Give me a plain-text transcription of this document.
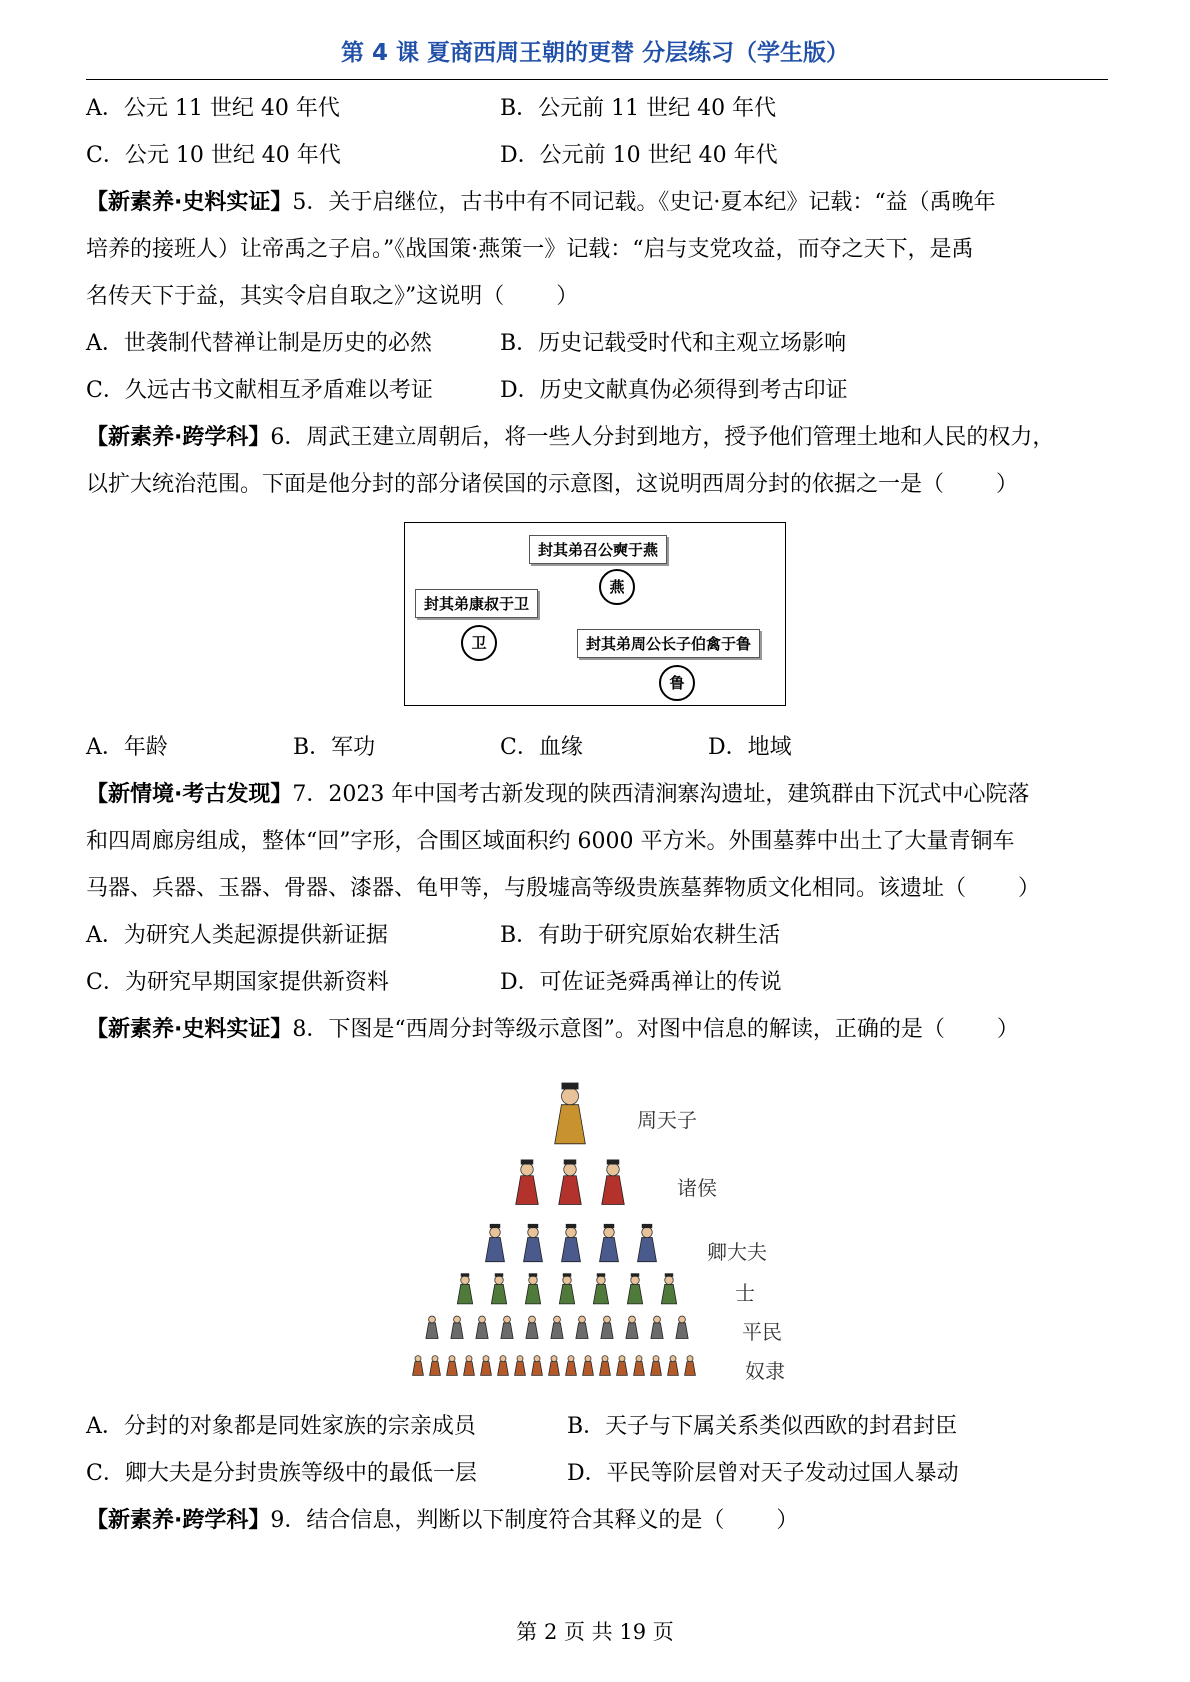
第 4 课 夏商西周王朝的更替 分层练习（学生版）
A．公元 11 世纪 40 年代	B．公元前 11 世纪 40 年代
C．公元 10 世纪 40 年代	D．公元前 10 世纪 40 年代
【新素养·史料实证】5．关于启继位，古书中有不同记载。《史记·夏本纪》记载：“益（禹晚年
培养的接班人）让帝禹之子启。”《战国策·燕策一》记载：“启与支党攻益，而夺之天下，是禹
名传天下于益，其实令启自取之》”这说明（ ）
A．世袭制代替禅让制是历史的必然	B．历史记载受时代和主观立场影响
C．久远古书文献相互矛盾难以考证	D．历史文献真伪必须得到考古印证
【新素养·跨学科】6．周武王建立周朝后，将一些人分封到地方，授予他们管理土地和人民的权力，
以扩大统治范围。下面是他分封的部分诸侯国的示意图，这说明西周分封的依据之一是（ ）
封其弟召公奭于燕
燕
封其弟康叔于卫
卫	封其弟周公长子伯禽于鲁
鲁
A．年龄	B．军功	C．血缘	D．地域
【新情境·考古发现】7．2023 年中国考古新发现的陕西清涧寨沟遗址，建筑群由下沉式中心院落
和四周廊房组成，整体“回”字形，合围区域面积约 6000 平方米。外围墓葬中出土了大量青铜车
马器、兵器、玉器、骨器、漆器、龟甲等，与殷墟高等级贵族墓葬物质文化相同。该遗址（ ）
A．为研究人类起源提供新证据	B．有助于研究原始农耕生活
C．为研究早期国家提供新资料	D．可佐证尧舜禹禅让的传说
【新素养·史料实证】8．下图是“西周分封等级示意图”。对图中信息的解读，正确的是（ ）
周天子
诸侯
卿大夫
士
平民
奴隶
A．分封的对象都是同姓家族的宗亲成员	B．天子与下属关系类似西欧的封君封臣
C．卿大夫是分封贵族等级中的最低一层	D．平民等阶层曾对天子发动过国人暴动
【新素养·跨学科】9．结合信息，判断以下制度符合其释义的是（ ）
第 2 页 共 19 页
